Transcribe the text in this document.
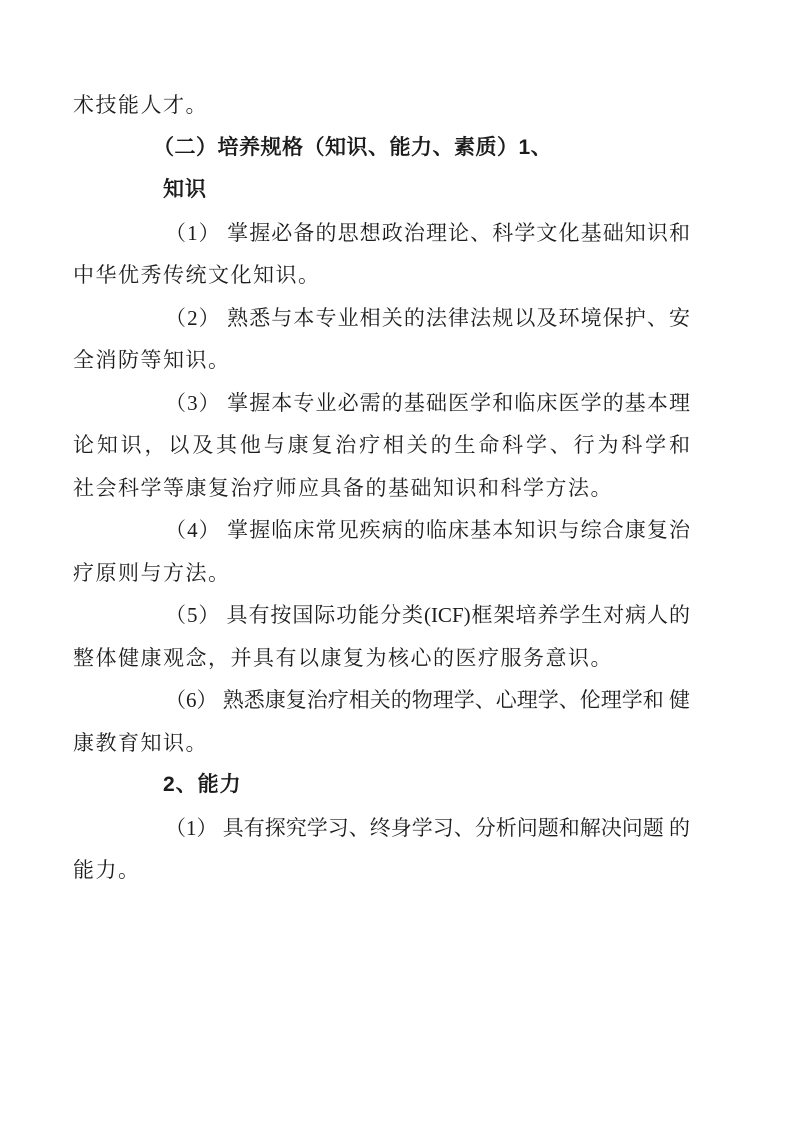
术技能人才。
（二）培养规格（知识、能力、素质）1、
知识
（1） 掌握必备的思想政治理论、科学文化基础知识和
中华优秀传统文化知识。
（2） 熟悉与本专业相关的法律法规以及环境保护、安
全消防等知识。
（3） 掌握本专业必需的基础医学和临床医学的基本理
论知识，以及其他与康复治疗相关的生命科学、行为科学和
社会科学等康复治疗师应具备的基础知识和科学方法。
（4） 掌握临床常见疾病的临床基本知识与综合康复治
疗原则与方法。
（5） 具有按国际功能分类(ICF)框架培养学生对病人的
整体健康观念，并具有以康复为核心的医疗服务意识。
（6） 熟悉康复治疗相关的物理学、心理学、伦理学和 健
康教育知识。
2、能力
（1） 具有探究学习、终身学习、分析问题和解决问题 的
能力。
